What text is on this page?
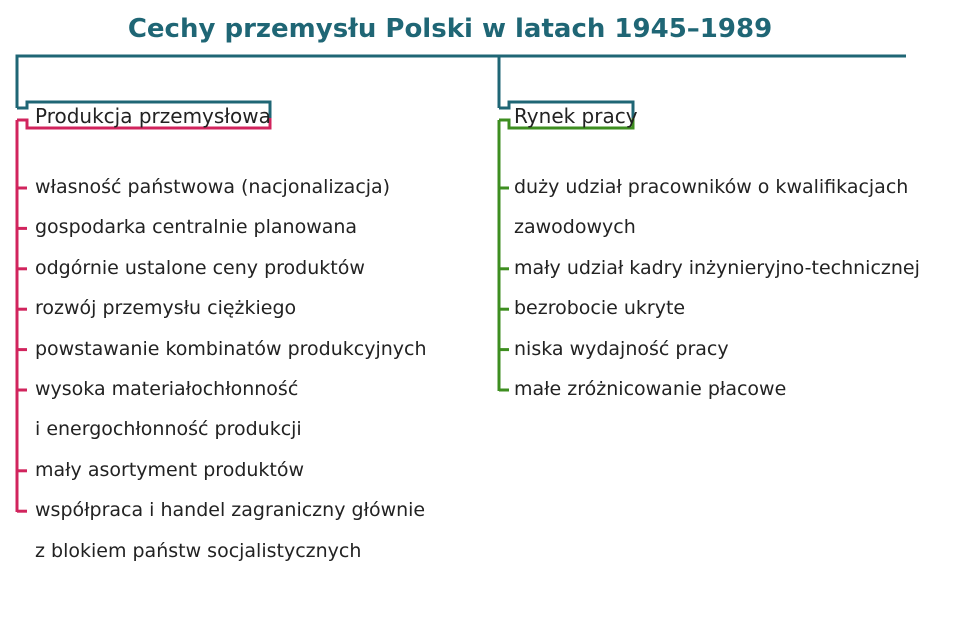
Cechy przemysłu Polski w latach 1945–1989
Produkcja przemysłowa	Rynek pracy
własność państwowa (nacjonalizacja)
gospodarka centralnie planowana
odgórnie ustalone ceny produktów
rozwój przemysłu ciężkiego
powstawanie kombinatów produkcyjnych
wysoka materiałochłonność
i energochłonność produkcji
mały asortyment produktów
współpraca i handel zagraniczny głównie
z blokiem państw socjalistycznych
duży udział pracowników o kwalifikacjach
zawodowych
mały udział kadry inżynieryjno-technicznej
bezrobocie ukryte
niska wydajność pracy
małe zróżnicowanie płacowe
